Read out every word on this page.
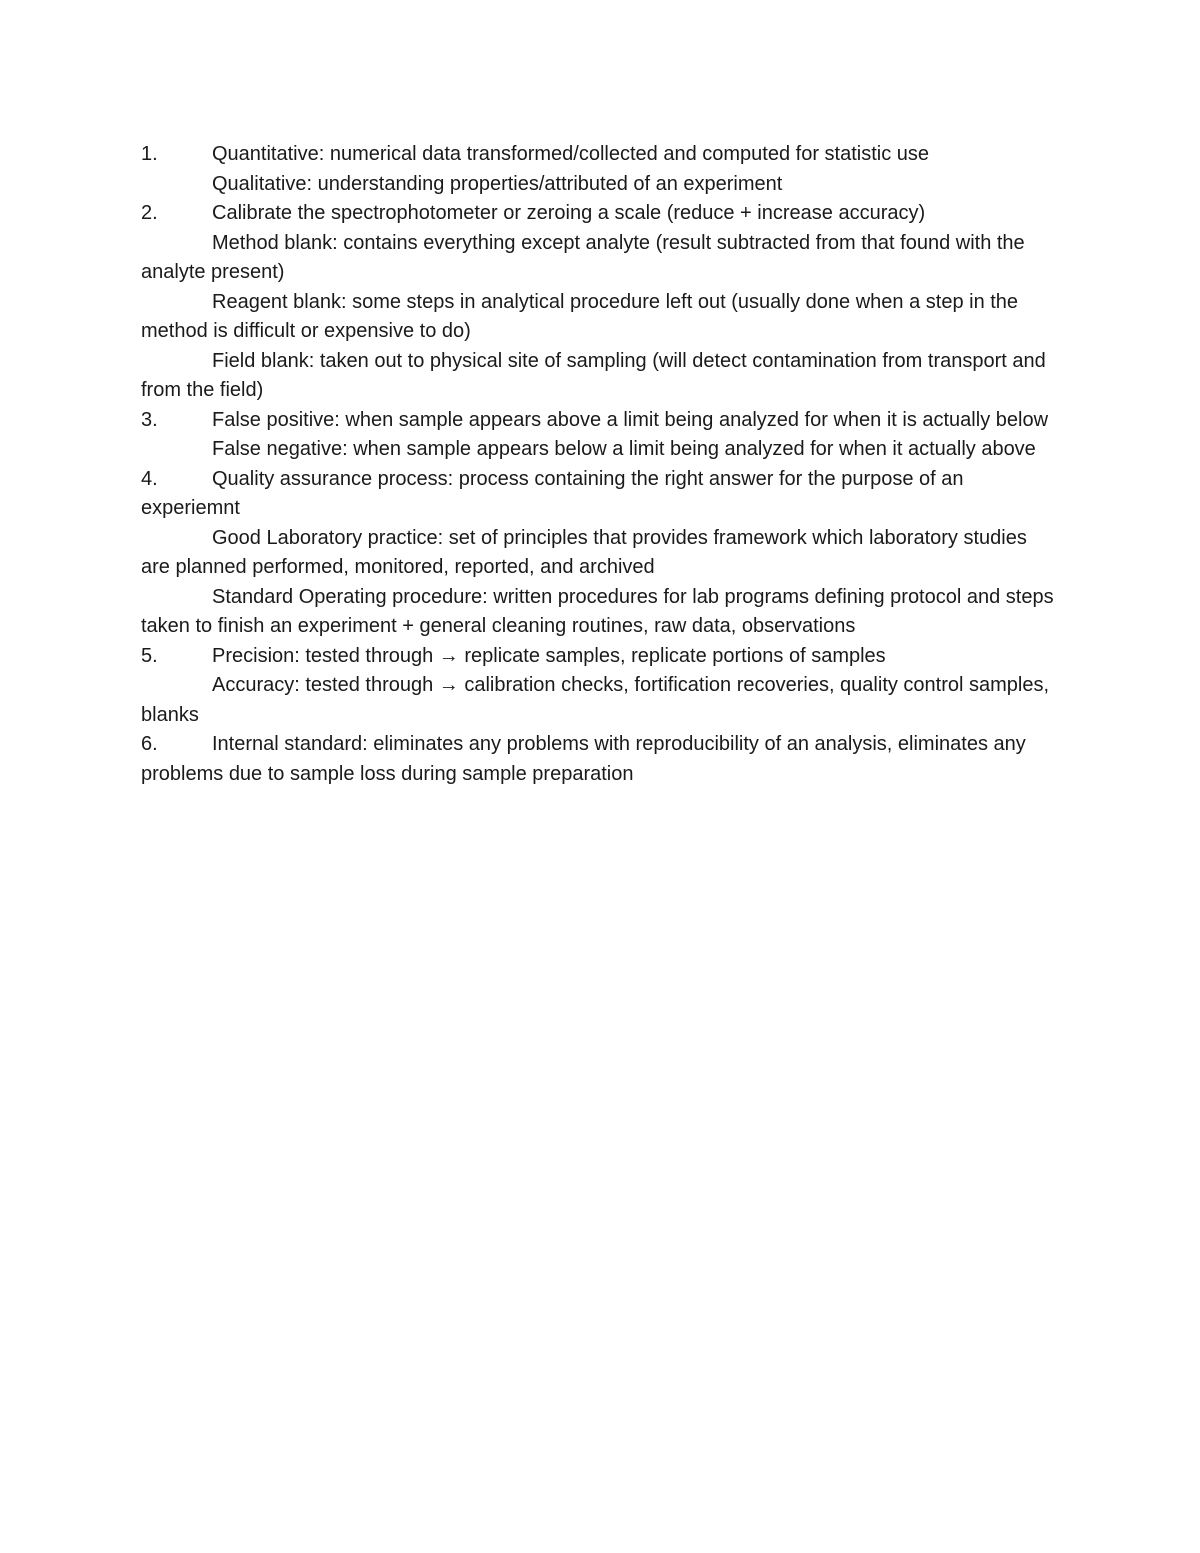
1.	Quantitative: numerical data transformed/collected and computed for statistic use

Qualitative: understanding properties/attributed of an experiment

2.	Calibrate the spectrophotometer or zeroing a scale (reduce + increase accuracy)

Method blank: contains everything except analyte (result subtracted from that found with the analyte present)

Reagent blank: some steps in analytical procedure left out (usually done when a step in the method is difficult or expensive to do)

Field blank: taken out to physical site of sampling (will detect contamination from transport and from the field)

3.	False positive: when sample appears above a limit being analyzed for when it is actually below

False negative: when sample appears below a limit being analyzed for when it actually above

4.	Quality assurance process: process containing the right answer for the purpose of an experiemnt

Good Laboratory practice: set of principles that provides framework which laboratory studies are planned performed, monitored, reported, and archived

Standard Operating procedure: written procedures for lab programs defining protocol and steps taken to finish an experiment + general cleaning routines, raw data, observations

5.	Precision: tested through → replicate samples, replicate portions of samples

Accuracy: tested through → calibration checks, fortification recoveries, quality control samples, blanks

6.	Internal standard: eliminates any problems with reproducibility of an analysis, eliminates any problems due to sample loss during sample preparation
